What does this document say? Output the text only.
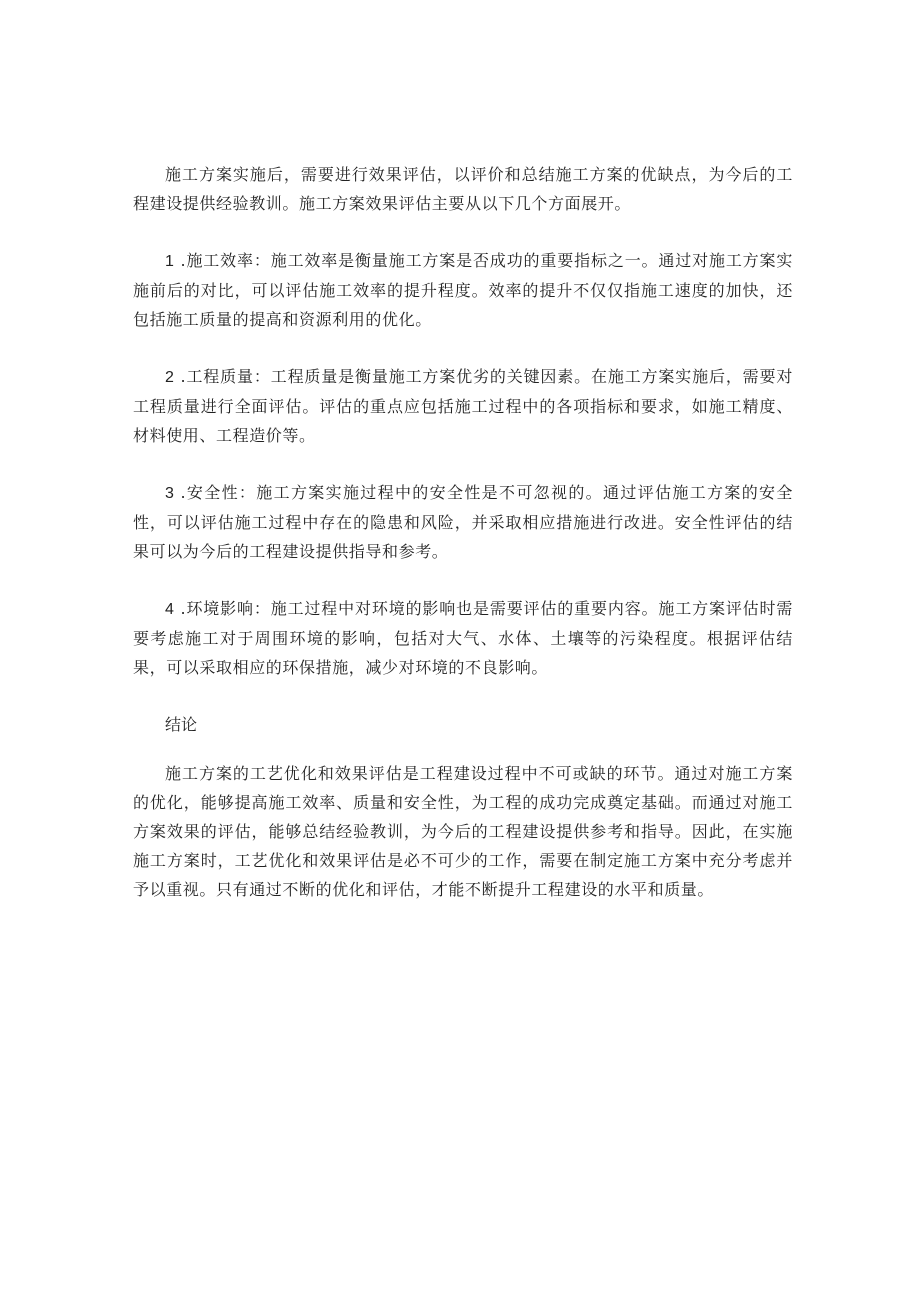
施工方案实施后，需要进行效果评估，以评价和总结施工方案的优缺点，为今后的工程建设提供经验教训。施工方案效果评估主要从以下几个方面展开。

1 .施工效率：施工效率是衡量施工方案是否成功的重要指标之一。通过对施工方案实施前后的对比，可以评估施工效率的提升程度。效率的提升不仅仅指施工速度的加快，还包括施工质量的提高和资源利用的优化。

2 .工程质量：工程质量是衡量施工方案优劣的关键因素。在施工方案实施后，需要对工程质量进行全面评估。评估的重点应包括施工过程中的各项指标和要求，如施工精度、材料使用、工程造价等。

3 .安全性：施工方案实施过程中的安全性是不可忽视的。通过评估施工方案的安全性，可以评估施工过程中存在的隐患和风险，并采取相应措施进行改进。安全性评估的结果可以为今后的工程建设提供指导和参考。

4 .环境影响：施工过程中对环境的影响也是需要评估的重要内容。施工方案评估时需要考虑施工对于周围环境的影响，包括对大气、水体、土壤等的污染程度。根据评估结果，可以采取相应的环保措施，减少对环境的不良影响。

结论

施工方案的工艺优化和效果评估是工程建设过程中不可或缺的环节。通过对施工方案的优化，能够提高施工效率、质量和安全性，为工程的成功完成奠定基础。而通过对施工方案效果的评估，能够总结经验教训，为今后的工程建设提供参考和指导。因此，在实施施工方案时，工艺优化和效果评估是必不可少的工作，需要在制定施工方案中充分考虑并予以重视。只有通过不断的优化和评估，才能不断提升工程建设的水平和质量。
